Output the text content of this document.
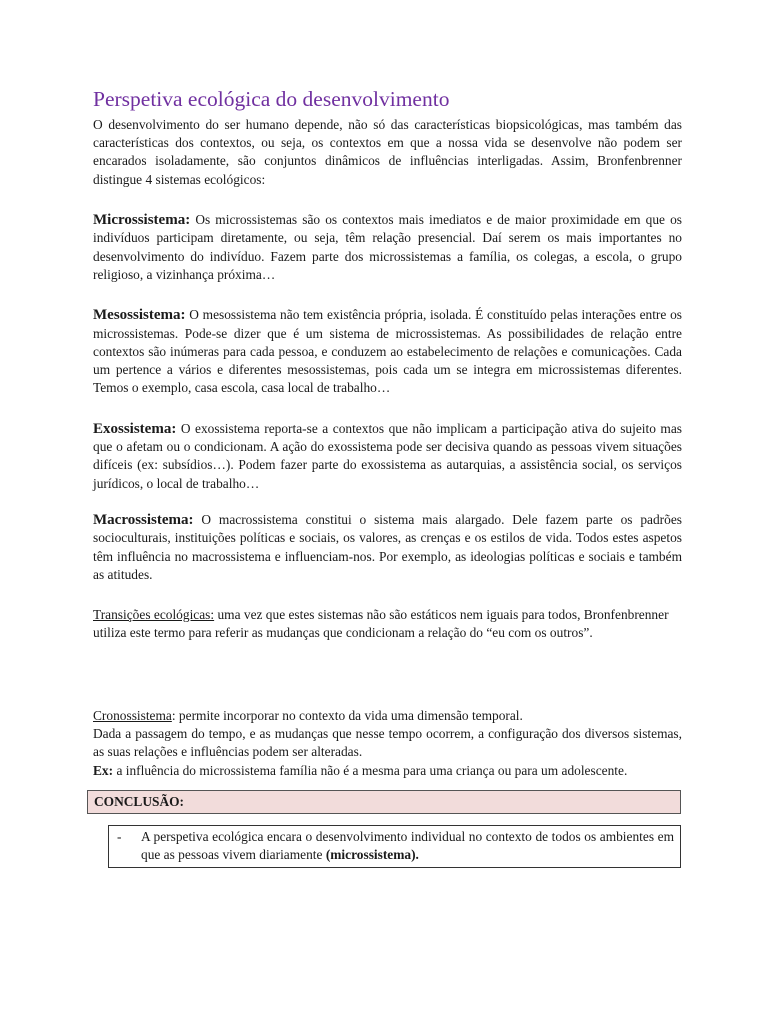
Perspetiva ecológica do desenvolvimento

O desenvolvimento do ser humano depende, não só das características biopsicológicas, mas também das características dos contextos, ou seja, os contextos em que a nossa vida se desenvolve não podem ser encarados isoladamente, são conjuntos dinâmicos de influências interligadas. Assim, Bronfenbrenner distingue 4 sistemas ecológicos:

Microssistema: Os microssistemas são os contextos mais imediatos e de maior proximidade em que os indivíduos participam diretamente, ou seja, têm relação presencial. Daí serem os mais importantes no desenvolvimento do indivíduo. Fazem parte dos microssistemas a família, os colegas, a escola, o grupo religioso, a vizinhança próxima…

Mesossistema: O mesossistema não tem existência própria, isolada. É constituído pelas interações entre os microssistemas. Pode-se dizer que é um sistema de microssistemas. As possibilidades de relação entre contextos são inúmeras para cada pessoa, e conduzem ao estabelecimento de relações e comunicações. Cada um pertence a vários e diferentes mesossistemas, pois cada um se integra em microssistemas diferentes. Temos o exemplo, casa escola, casa local de trabalho…

Exossistema: O exossistema reporta-se a contextos que não implicam a participação ativa do sujeito mas que o afetam ou o condicionam. A ação do exossistema pode ser decisiva quando as pessoas vivem situações difíceis (ex: subsídios…). Podem fazer parte do exossistema as autarquias, a assistência social, os serviços jurídicos, o local de trabalho…

Macrossistema: O macrossistema constitui o sistema mais alargado. Dele fazem parte os padrões socioculturais, instituições políticas e sociais, os valores, as crenças e os estilos de vida. Todos estes aspetos têm influência no macrossistema e influenciam-nos. Por exemplo, as ideologias políticas e sociais e também as atitudes.

Transições ecológicas: uma vez que estes sistemas não são estáticos nem iguais para todos, Bronfenbrenner utiliza este termo para referir as mudanças que condicionam a relação do “eu com os outros”.

Cronossistema: permite incorporar no contexto da vida uma dimensão temporal.

Dada a passagem do tempo, e as mudanças que nesse tempo ocorrem, a configuração dos diversos sistemas, as suas relações e influências podem ser alteradas.

Ex: a influência do microssistema família não é a mesma para uma criança ou para um adolescente.

CONCLUSÃO:
-	A perspetiva ecológica encara o desenvolvimento individual no contexto de todos os ambientes em que as pessoas vivem diariamente (microssistema).
